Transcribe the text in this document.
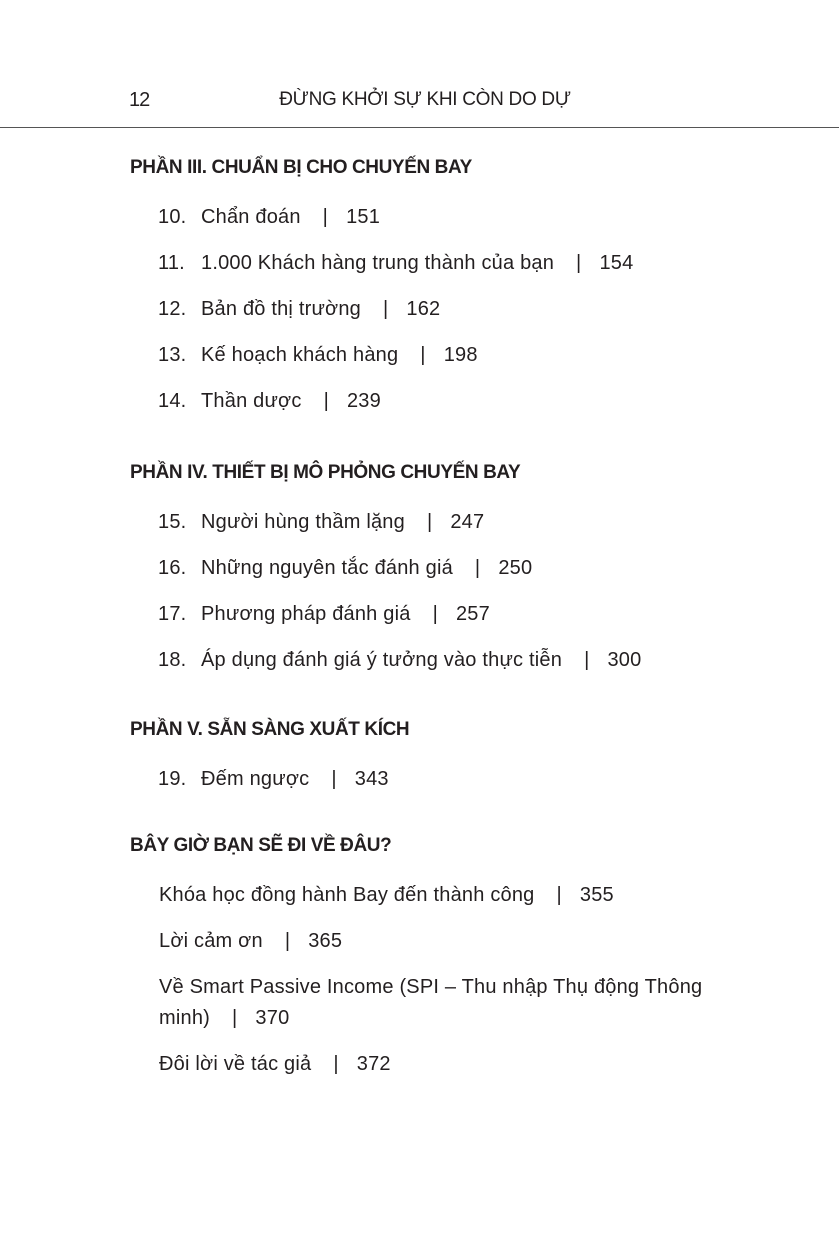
12	ĐỪNG KHỞI SỰ KHI CÒN DO DỰ
PHẦN III. CHUẨN BỊ CHO CHUYẾN BAY
10. Chẩn đoán | 151
11. 1.000 Khách hàng trung thành của bạn | 154
12. Bản đồ thị trường | 162
13. Kế hoạch khách hàng | 198
14. Thần dược | 239
PHẦN IV. THIẾT BỊ MÔ PHỎNG CHUYẾN BAY
15. Người hùng thầm lặng | 247
16. Những nguyên tắc đánh giá | 250
17. Phương pháp đánh giá | 257
18. Áp dụng đánh giá ý tưởng vào thực tiễn | 300
PHẦN V. SẴN SÀNG XUẤT KÍCH
19. Đếm ngược | 343
BÂY GIỜ BẠN SẼ ĐI VỀ ĐÂU?
Khóa học đồng hành Bay đến thành công | 355
Lời cảm ơn | 365
Về Smart Passive Income (SPI – Thu nhập Thụ động Thông minh) | 370
Đôi lời về tác giả | 372
